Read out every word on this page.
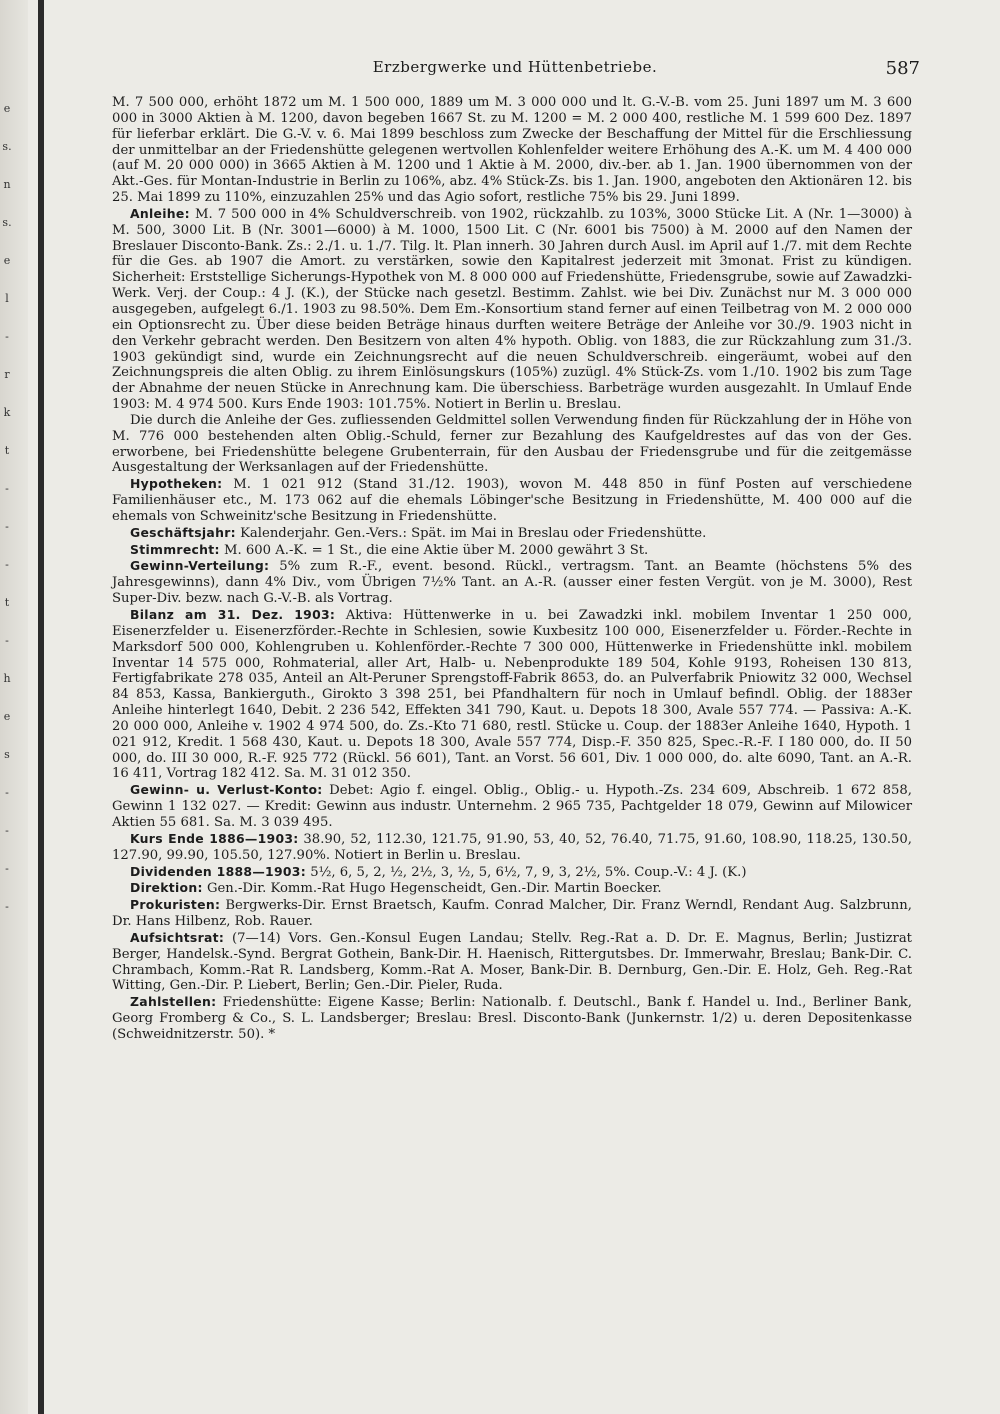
e
s.
n
s.
e
l
-
r
k
t
-
-
-
t
-
h
e
s
-
-
-
-
Erzbergwerke und Hüttenbetriebe.	587

M. 7 500 000, erhöht 1872 um M. 1 500 000, 1889 um M. 3 000 000 und lt. G.-V.-B. vom 25. Juni 1897 um M. 3 600 000 in 3000 Aktien à M. 1200, davon begeben 1667 St. zu M. 1200 = M. 2 000 400, restliche M. 1 599 600 Dez. 1897 für lieferbar erklärt. Die G.-V. v. 6. Mai 1899 beschloss zum Zwecke der Beschaffung der Mittel für die Erschliessung der unmittelbar an der Friedenshütte gelegenen wertvollen Kohlenfelder weitere Erhöhung des A.-K. um M. 4 400 000 (auf M. 20 000 000) in 3665 Aktien à M. 1200 und 1 Aktie à M. 2000, div.-ber. ab 1. Jan. 1900 übernommen von der Akt.-Ges. für Montan-Industrie in Berlin zu 106%, abz. 4% Stück-Zs. bis 1. Jan. 1900, angeboten den Aktionären 12. bis 25. Mai 1899 zu 110%, einzuzahlen 25% und das Agio sofort, restliche 75% bis 29. Juni 1899.

Anleihe: M. 7 500 000 in 4% Schuldverschreib. von 1902, rückzahlb. zu 103%, 3000 Stücke Lit. A (Nr. 1—3000) à M. 500, 3000 Lit. B (Nr. 3001—6000) à M. 1000, 1500 Lit. C (Nr. 6001 bis 7500) à M. 2000 auf den Namen der Breslauer Disconto-Bank. Zs.: 2./1. u. 1./7. Tilg. lt. Plan innerh. 30 Jahren durch Ausl. im April auf 1./7. mit dem Rechte für die Ges. ab 1907 die Amort. zu verstärken, sowie den Kapitalrest jederzeit mit 3monat. Frist zu kündigen. Sicherheit: Erststellige Sicherungs-Hypothek von M. 8 000 000 auf Friedenshütte, Friedensgrube, sowie auf Zawadzki-Werk. Verj. der Coup.: 4 J. (K.), der Stücke nach gesetzl. Bestimm. Zahlst. wie bei Div. Zunächst nur M. 3 000 000 ausgegeben, aufgelegt 6./1. 1903 zu 98.50%. Dem Em.-Konsortium stand ferner auf einen Teilbetrag von M. 2 000 000 ein Optionsrecht zu. Über diese beiden Beträge hinaus durften weitere Beträge der Anleihe vor 30./9. 1903 nicht in den Verkehr gebracht werden. Den Besitzern von alten 4% hypoth. Oblig. von 1883, die zur Rückzahlung zum 31./3. 1903 gekündigt sind, wurde ein Zeichnungsrecht auf die neuen Schuldverschreib. eingeräumt, wobei auf den Zeichnungspreis die alten Oblig. zu ihrem Einlösungskurs (105%) zuzügl. 4% Stück-Zs. vom 1./10. 1902 bis zum Tage der Abnahme der neuen Stücke in Anrechnung kam. Die überschiess. Barbeträge wurden ausgezahlt. In Umlauf Ende 1903: M. 4 974 500. Kurs Ende 1903: 101.75%. Notiert in Berlin u. Breslau.

Die durch die Anleihe der Ges. zufliessenden Geldmittel sollen Verwendung finden für Rückzahlung der in Höhe von M. 776 000 bestehenden alten Oblig.-Schuld, ferner zur Bezahlung des Kaufgeldrestes auf das von der Ges. erworbene, bei Friedenshütte belegene Grubenterrain, für den Ausbau der Friedensgrube und für die zeitgemässe Ausgestaltung der Werksanlagen auf der Friedenshütte.

Hypotheken: M. 1 021 912 (Stand 31./12. 1903), wovon M. 448 850 in fünf Posten auf verschiedene Familienhäuser etc., M. 173 062 auf die ehemals Löbinger'sche Besitzung in Friedenshütte, M. 400 000 auf die ehemals von Schweinitz'sche Besitzung in Friedenshütte.

Geschäftsjahr: Kalenderjahr. Gen.-Vers.: Spät. im Mai in Breslau oder Friedenshütte.

Stimmrecht: M. 600 A.-K. = 1 St., die eine Aktie über M. 2000 gewährt 3 St.

Gewinn-Verteilung: 5% zum R.-F., event. besond. Rückl., vertragsm. Tant. an Beamte (höchstens 5% des Jahresgewinns), dann 4% Div., vom Übrigen 7½% Tant. an A.-R. (ausser einer festen Vergüt. von je M. 3000), Rest Super-Div. bezw. nach G.-V.-B. als Vortrag.

Bilanz am 31. Dez. 1903: Aktiva: Hüttenwerke in u. bei Zawadzki inkl. mobilem Inventar 1 250 000, Eisenerzfelder u. Eisenerzförder.-Rechte in Schlesien, sowie Kuxbesitz 100 000, Eisenerzfelder u. Förder.-Rechte in Marksdorf 500 000, Kohlengruben u. Kohlenförder.-Rechte 7 300 000, Hüttenwerke in Friedenshütte inkl. mobilem Inventar 14 575 000, Rohmaterial, aller Art, Halb- u. Nebenprodukte 189 504, Kohle 9193, Roheisen 130 813, Fertigfabrikate 278 035, Anteil an Alt-Peruner Sprengstoff-Fabrik 8653, do. an Pulverfabrik Pniowitz 32 000, Wechsel 84 853, Kassa, Bankierguth., Girokto 3 398 251, bei Pfandhaltern für noch in Umlauf befindl. Oblig. der 1883er Anleihe hinterlegt 1640, Debit. 2 236 542, Effekten 341 790, Kaut. u. Depots 18 300, Avale 557 774. — Passiva: A.-K. 20 000 000, Anleihe v. 1902 4 974 500, do. Zs.-Kto 71 680, restl. Stücke u. Coup. der 1883er Anleihe 1640, Hypoth. 1 021 912, Kredit. 1 568 430, Kaut. u. Depots 18 300, Avale 557 774, Disp.-F. 350 825, Spec.-R.-F. I 180 000, do. II 50 000, do. III 30 000, R.-F. 925 772 (Rückl. 56 601), Tant. an Vorst. 56 601, Div. 1 000 000, do. alte 6090, Tant. an A.-R. 16 411, Vortrag 182 412. Sa. M. 31 012 350.

Gewinn- u. Verlust-Konto: Debet: Agio f. eingel. Oblig., Oblig.- u. Hypoth.-Zs. 234 609, Abschreib. 1 672 858, Gewinn 1 132 027. — Kredit: Gewinn aus industr. Unternehm. 2 965 735, Pachtgelder 18 079, Gewinn auf Milowicer Aktien 55 681. Sa. M. 3 039 495.

Kurs Ende 1886—1903: 38.90, 52, 112.30, 121.75, 91.90, 53, 40, 52, 76.40, 71.75, 91.60, 108.90, 118.25, 130.50, 127.90, 99.90, 105.50, 127.90%. Notiert in Berlin u. Breslau.

Dividenden 1888—1903: 5½, 6, 5, 2, ½, 2½, 3, ½, 5, 6½, 7, 9, 3, 2½, 5%. Coup.-V.: 4 J. (K.)

Direktion: Gen.-Dir. Komm.-Rat Hugo Hegenscheidt, Gen.-Dir. Martin Boecker.

Prokuristen: Bergwerks-Dir. Ernst Braetsch, Kaufm. Conrad Malcher, Dir. Franz Werndl, Rendant Aug. Salzbrunn, Dr. Hans Hilbenz, Rob. Rauer.

Aufsichtsrat: (7—14) Vors. Gen.-Konsul Eugen Landau; Stellv. Reg.-Rat a. D. Dr. E. Magnus, Berlin; Justizrat Berger, Handelsk.-Synd. Bergrat Gothein, Bank-Dir. H. Haenisch, Rittergutsbes. Dr. Immerwahr, Breslau; Bank-Dir. C. Chrambach, Komm.-Rat R. Landsberg, Komm.-Rat A. Moser, Bank-Dir. B. Dernburg, Gen.-Dir. E. Holz, Geh. Reg.-Rat Witting, Gen.-Dir. P. Liebert, Berlin; Gen.-Dir. Pieler, Ruda.

Zahlstellen: Friedenshütte: Eigene Kasse; Berlin: Nationalb. f. Deutschl., Bank f. Handel u. Ind., Berliner Bank, Georg Fromberg & Co., S. L. Landsberger; Breslau: Bresl. Disconto-Bank (Junkernstr. 1/2) u. deren Depositenkasse (Schweidnitzerstr. 50). *
